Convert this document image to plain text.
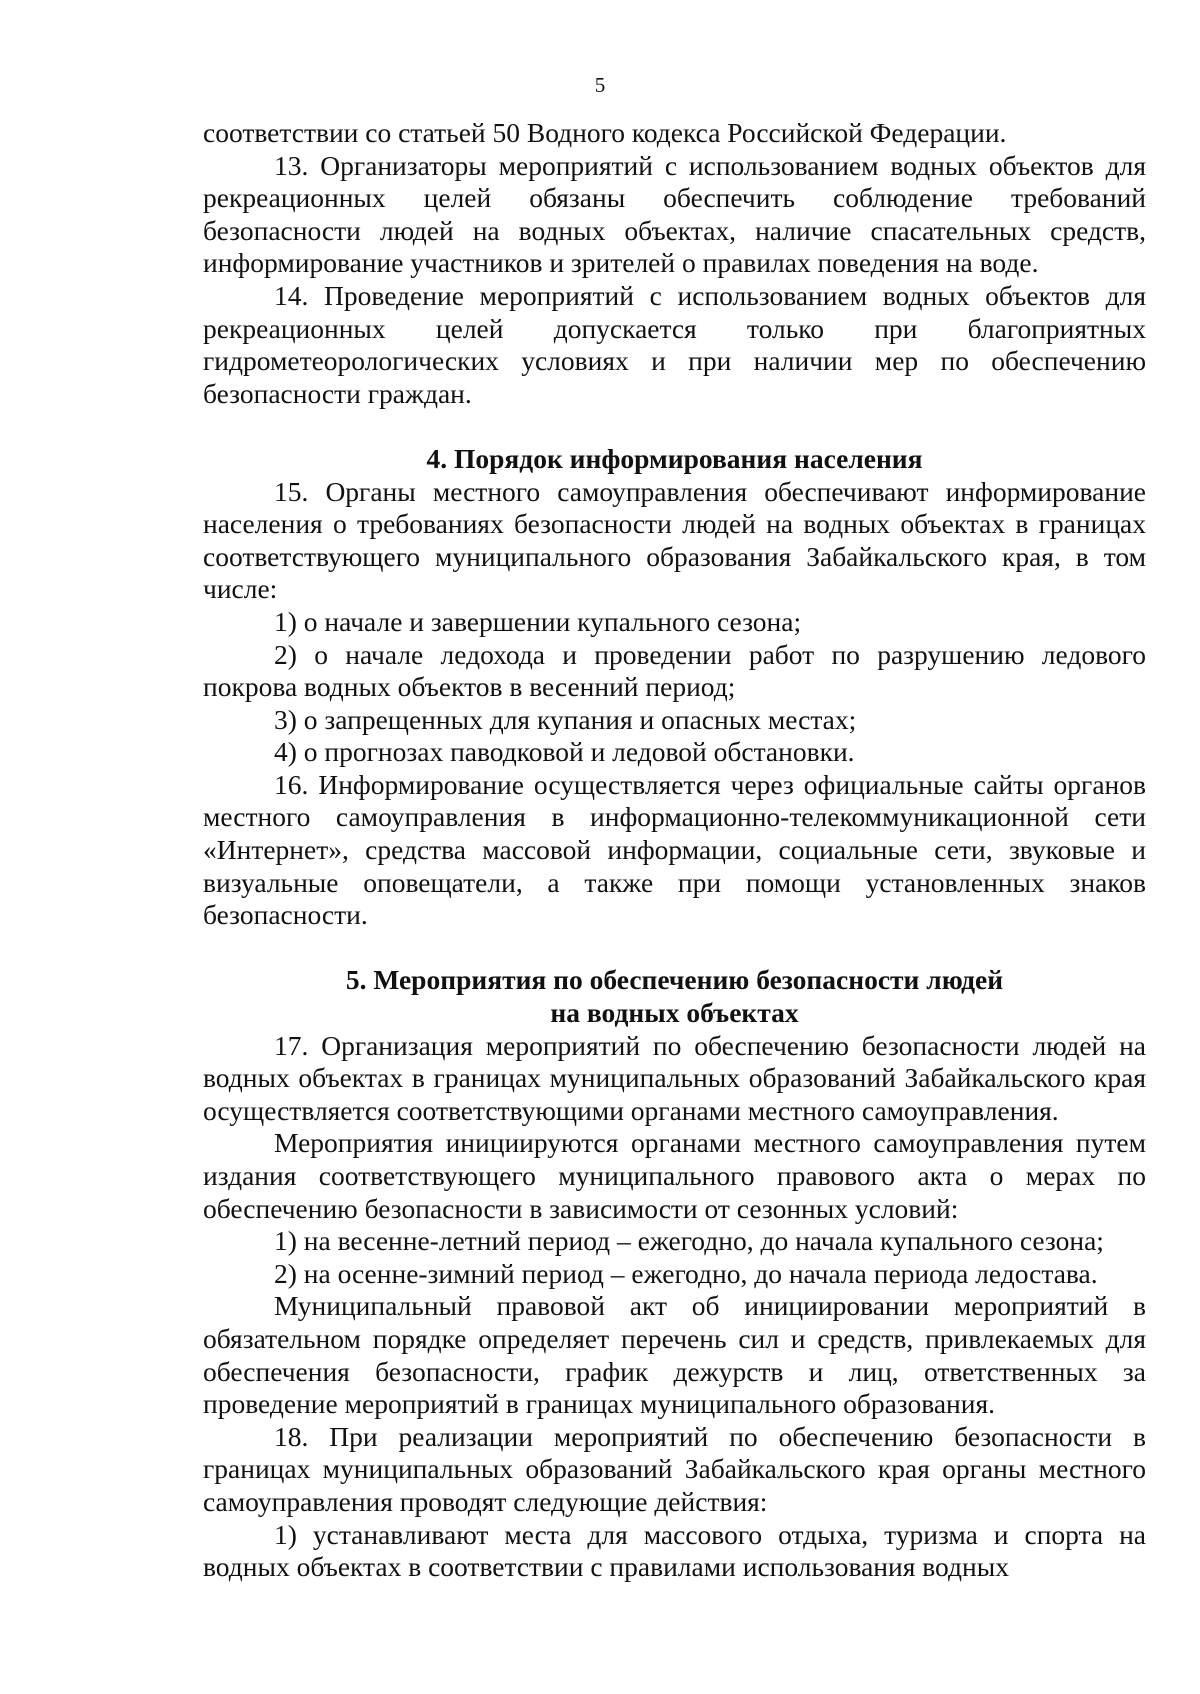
5

соответствии со статьей 50 Водного кодекса Российской Федерации.

13. Организаторы мероприятий с использованием водных объектов для рекреационных целей обязаны обеспечить соблюдение требований безопасности людей на водных объектах, наличие спасательных средств, информирование участников и зрителей о правилах поведения на воде.

14. Проведение мероприятий с использованием водных объектов для рекреационных целей допускается только при благоприятных гидрометеорологических условиях и при наличии мер по обеспечению безопасности граждан.

4. Порядок информирования населения

15. Органы местного самоуправления обеспечивают информирование населения о требованиях безопасности людей на водных объектах в границах соответствующего муниципального образования Забайкальского края, в том числе:

1) о начале и завершении купального сезона;

2) о начале ледохода и проведении работ по разрушению ледового покрова водных объектов в весенний период;

3) о запрещенных для купания и опасных местах;

4) о прогнозах паводковой и ледовой обстановки.

16. Информирование осуществляется через официальные сайты органов местного самоуправления в информационно-телекоммуникационной сети «Интернет», средства массовой информации, социальные сети, звуковые и визуальные оповещатели, а также при помощи установленных знаков безопасности.

5. Мероприятия по обеспечению безопасности людей

на водных объектах

17. Организация мероприятий по обеспечению безопасности людей на водных объектах в границах муниципальных образований Забайкальского края осуществляется соответствующими органами местного самоуправления.

Мероприятия инициируются органами местного самоуправления путем издания соответствующего муниципального правового акта о мерах по обеспечению безопасности в зависимости от сезонных условий:

1) на весенне-летний период – ежегодно, до начала купального сезона;

2) на осенне-зимний период – ежегодно, до начала периода ледостава.

Муниципальный правовой акт об инициировании мероприятий в обязательном порядке определяет перечень сил и средств, привлекаемых для обеспечения безопасности, график дежурств и лиц, ответственных за проведение мероприятий в границах муниципального образования.

18. При реализации мероприятий по обеспечению безопасности в границах муниципальных образований Забайкальского края органы местного самоуправления проводят следующие действия:

1) устанавливают места для массового отдыха, туризма и спорта на водных объектах в соответствии с правилами использования водных
